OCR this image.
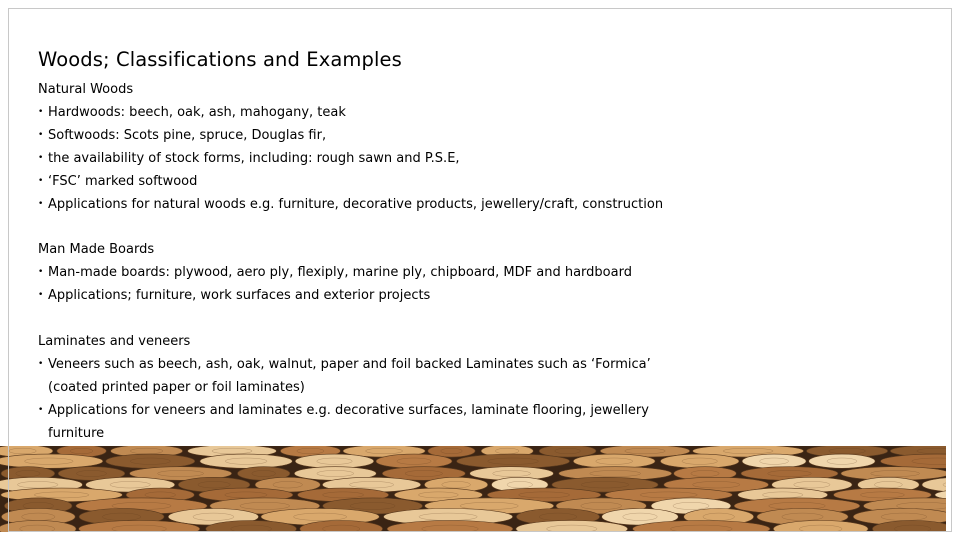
Woods; Classifications and Examples
Natural Woods
• Hardwoods: beech, oak, ash, mahogany, teak
• Softwoods: Scots pine, spruce, Douglas fir,
• the availability of stock forms, including: rough sawn and P.S.E,
• ‘FSC’ marked softwood
• Applications for natural woods e.g. furniture, decorative products, jewellery/craft, construction
Man Made Boards
• Man-made boards: plywood, aero ply, flexiply, marine ply, chipboard, MDF and hardboard
• Applications; furniture, work surfaces and exterior projects
Laminates and veneers
• Veneers such as beech, ash, oak, walnut, paper and foil backed Laminates such as ‘Formica’
(coated printed paper or foil laminates)
• Applications for veneers and laminates e.g. decorative surfaces, laminate flooring, jewellery
furniture
